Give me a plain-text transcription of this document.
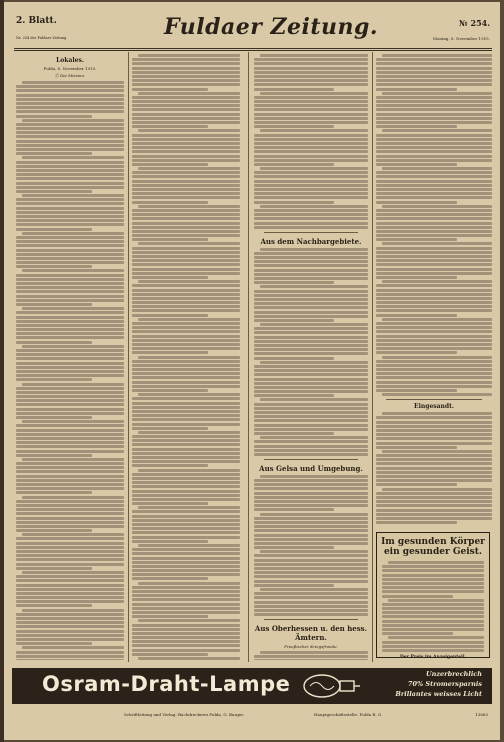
2. Blatt.
Nr. 254 der Fuldaer Zeitung	Fuldaer Zeitung.	№ 254.
Montag, 8. November 1915.
Lokales.
Fulda, 8. November 1915.
Ⓒ Die Mission.
Aus dem Nachbargebiete.
Aus Gelsa und Umgebung.
Aus Oberhessen u. den hess. Ämtern.
Preußischer Kriegsfronde.
Eingesandt.
Im gesunden Körper ein gesunder Geist.
Der Preis im Anzeigenteil.
Osram-Draht-Lampe	Unzerbrechlich
70% Stromersparnis
Brillantes weisses Licht
Schriftleitung und Verlag: Buchdruckerei Fulda, G. Burger.	Hauptgeschäftsstelle: Fulda R. G.	13683
